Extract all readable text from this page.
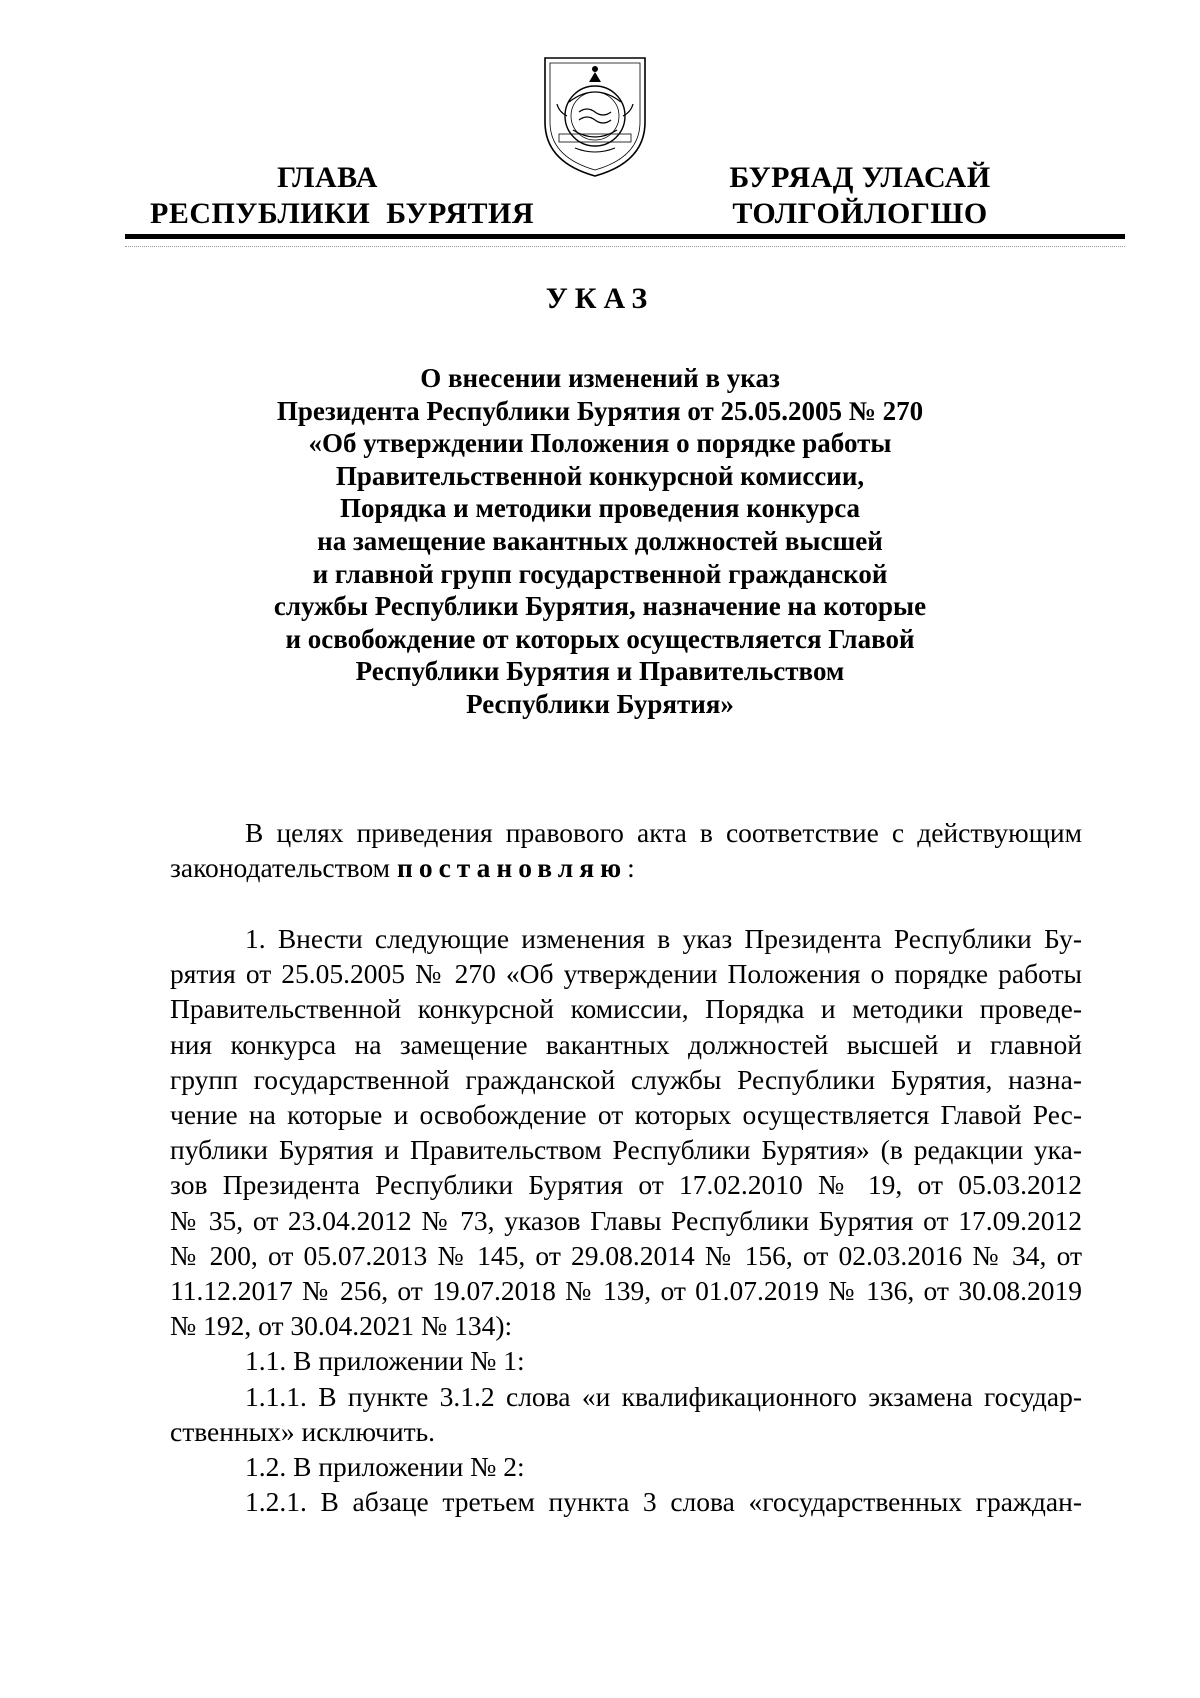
ГЛАВА
РЕСПУБЛИКИ  БУРЯТИЯ
БУРЯАД УЛАСАЙ
ТОЛГОЙЛОГШО
УКАЗ
О внесении изменений в указ
Президента Республики Бурятия от 25.05.2005 № 270
«Об утверждении Положения о порядке работы
Правительственной конкурсной комиссии,
Порядка и методики проведения конкурса
на замещение вакантных должностей высшей
и главной групп государственной гражданской
службы Республики Бурятия, назначение на которые
и освобождение от которых осуществляется Главой
Республики Бурятия и Правительством
Республики Бурятия»
В целях приведения правового акта в соответствие с действующим
законодательством постановляю:
1. Внести следующие изменения в указ Президента Республики Бу-
рятия от 25.05.2005 № 270 «Об утверждении Положения о порядке работы
Правительственной конкурсной комиссии, Порядка и методики проведе-
ния конкурса на замещение вакантных должностей высшей и главной
групп государственной гражданской службы Республики Бурятия, назна-
чение на которые и освобождение от которых осуществляется Главой Рес-
публики Бурятия и Правительством Республики Бурятия» (в редакции ука-
зов Президента Республики Бурятия от 17.02.2010 № 19, от 05.03.2012
№ 35, от 23.04.2012 № 73, указов Главы Республики Бурятия от 17.09.2012
№ 200, от 05.07.2013 № 145, от 29.08.2014 № 156, от 02.03.2016 № 34, от
11.12.2017 № 256, от 19.07.2018 № 139, от 01.07.2019 № 136, от 30.08.2019
№ 192, от 30.04.2021 № 134):
1.1. В приложении № 1:
1.1.1. В пункте 3.1.2 слова «и квалификационного экзамена государ-
ственных» исключить.
1.2. В приложении № 2:
1.2.1. В абзаце третьем пункта 3 слова «государственных граждан-
